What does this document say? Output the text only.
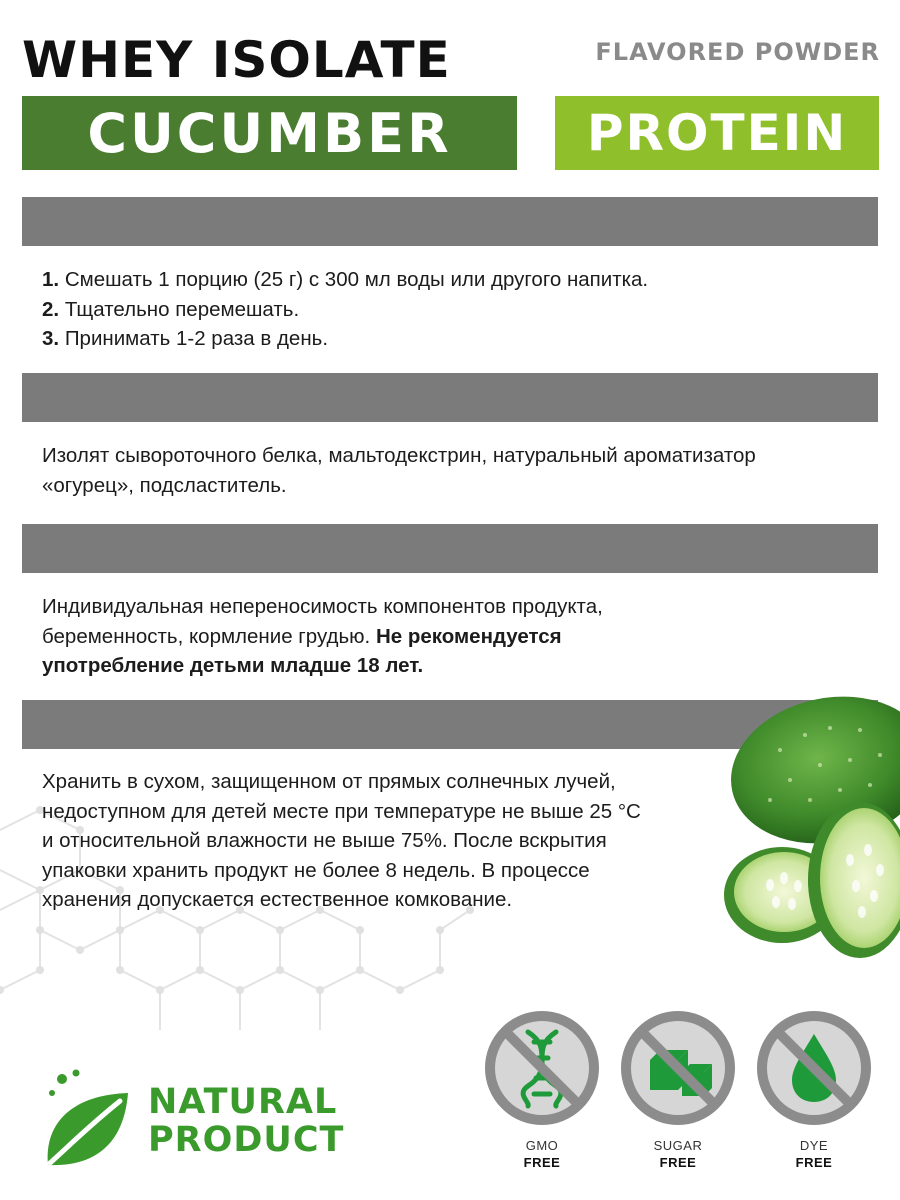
WHEY ISOLATE	FLAVORED POWDER
CUCUMBER	PROTEIN
1. Смешать 1 порцию (25 г) с 300 мл воды или другого напитка.
2. Тщательно перемешать.
3. Принимать 1-2 раза в день.
Изолят сывороточного белка, мальтодекстрин, натуральный ароматизатор
«огурец», подсластитель.
Индивидуальная непереносимость компонентов продукта,
беременность, кормление грудью. Не рекомендуется
употребление детьми младше 18 лет.
Хранить в сухом, защищенном от прямых солнечных лучей,
недоступном для детей месте при температуре не выше 25 °С
и относительной влажности не выше 75%. После вскрытия
упаковки хранить продукт не более 8 недель. В процессе
хранения допускается естественное комкование.
NATURAL
PRODUCT	GMO
FREE
SUGAR
FREE
DYE
FREE
